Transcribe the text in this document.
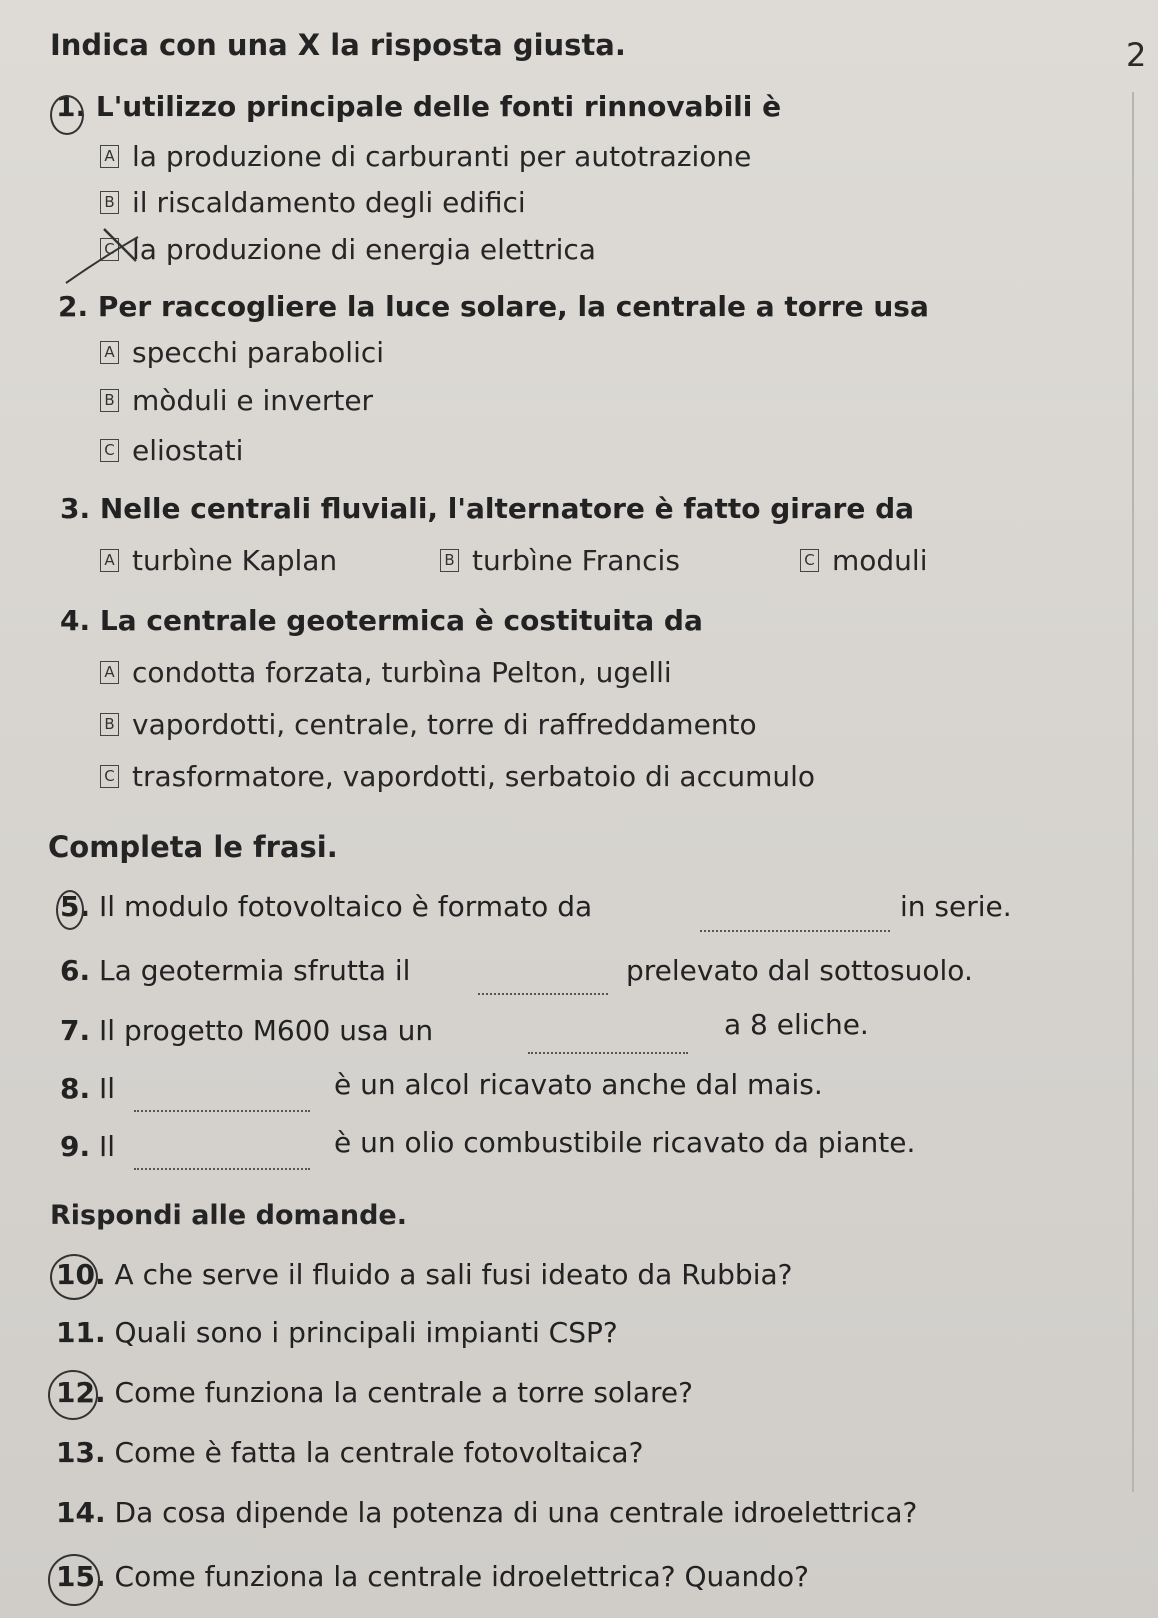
2
Indica con una X la risposta giusta.
1. L'utilizzo principale delle fonti rinnovabili è
A la produzione di carburanti per autotrazione
B il riscaldamento degli edifici
C la produzione di energia elettrica
2. Per raccogliere la luce solare, la centrale a torre usa
A specchi parabolici
B mòduli e inverter
C eliostati
3. Nelle centrali fluviali, l'alternatore è fatto girare da
A turbìne Kaplan	B turbìne Francis	C moduli
4. La centrale geotermica è costituita da
A condotta forzata, turbìna Pelton, ugelli
B vapordotti, centrale, torre di raffreddamento
C trasformatore, vapordotti, serbatoio di accumulo
Completa le frasi.
5. Il modulo fotovoltaico è formato da	in serie.
6. La geotermia sfrutta il	prelevato dal sottosuolo.
7. Il progetto M600 usa un	a 8 eliche.
8. Il	è un alcol ricavato anche dal mais.
9. Il	è un olio combustibile ricavato da piante.
Rispondi alle domande.
10. A che serve il fluido a sali fusi ideato da Rubbia?
11. Quali sono i principali impianti CSP?
12. Come funziona la centrale a torre solare?
13. Come è fatta la centrale fotovoltaica?
14. Da cosa dipende la potenza di una centrale idroelettrica?
15. Come funziona la centrale idroelettrica? Quando?
